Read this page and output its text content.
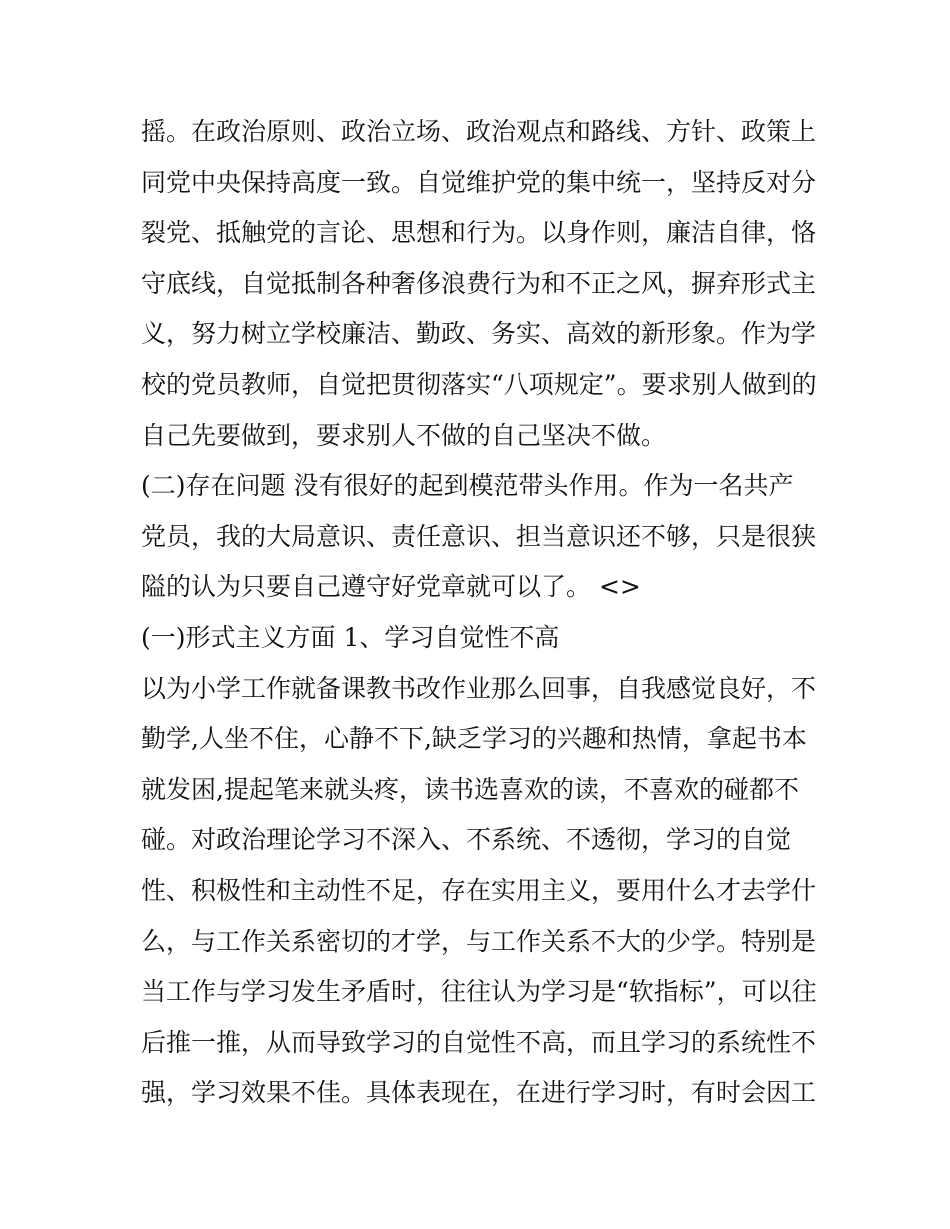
摇。在政治原则、政治立场、政治观点和路线、方针、政策上
同党中央保持高度一致。自觉维护党的集中统一，坚持反对分
裂党、抵触党的言论、思想和行为。以身作则，廉洁自律，恪
守底线，自觉抵制各种奢侈浪费行为和不正之风，摒弃形式主
义，努力树立学校廉洁、勤政、务实、高效的新形象。作为学
校的党员教师，自觉把贯彻落实“八项规定”。要求别人做到的
自己先要做到，要求别人不做的自己坚决不做。
(二)存在问题 没有很好的起到模范带头作用。作为一名共产
党员，我的大局意识、责任意识、担当意识还不够，只是很狭
隘的认为只要自己遵守好党章就可以了。 <>
(一)形式主义方面 1、学习自觉性不高
以为小学工作就备课教书改作业那么回事，自我感觉良好，不
勤学,人坐不住，心静不下,缺乏学习的兴趣和热情，拿起书本
就发困,提起笔来就头疼，读书选喜欢的读，不喜欢的碰都不
碰。对政治理论学习不深入、不系统、不透彻，学习的自觉
性、积极性和主动性不足，存在实用主义，要用什么才去学什
么，与工作关系密切的才学，与工作关系不大的少学。特别是
当工作与学习发生矛盾时，往往认为学习是“软指标”，可以往
后推一推，从而导致学习的自觉性不高，而且学习的系统性不
强，学习效果不佳。具体表现在，在进行学习时，有时会因工
